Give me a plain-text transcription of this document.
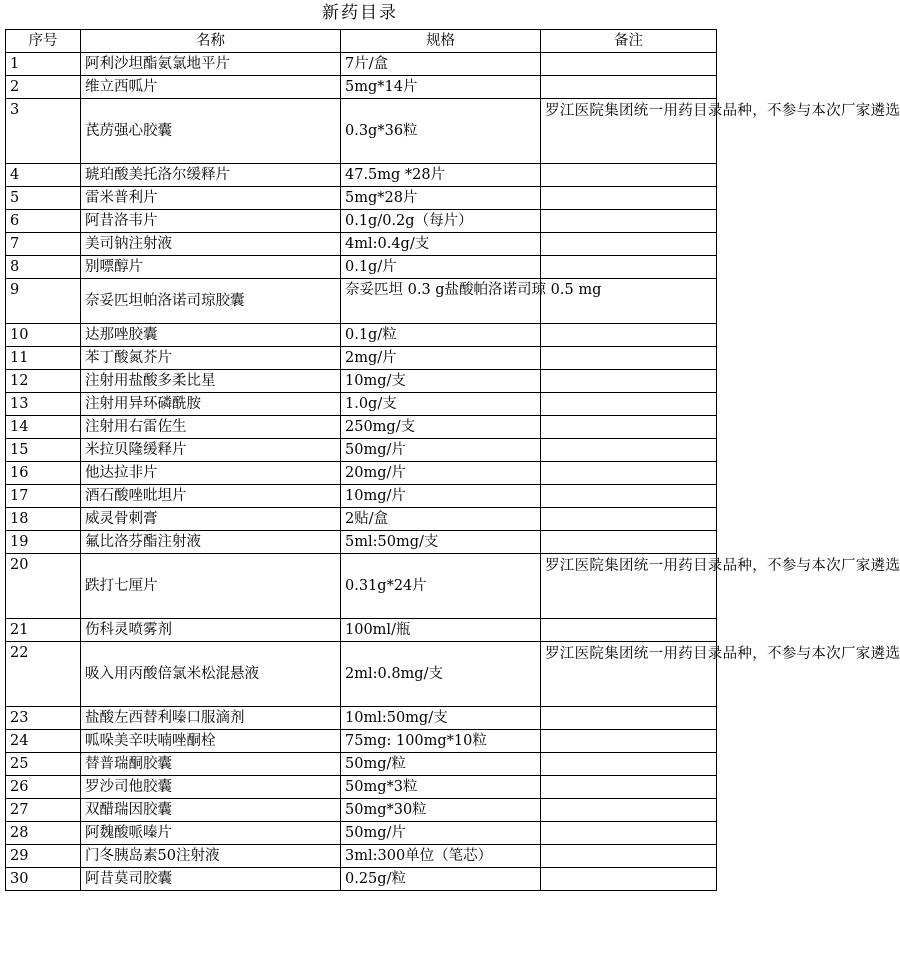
新药目录
序号	名称	规格	备注
1	阿利沙坦酯氨氯地平片	7片/盒	

2	维立西呱片	5mg*14片	

3	芪苈强心胶囊	0.3g*36粒	罗江医院集团统一用药目录品种，不参与本次厂家遴选

4	琥珀酸美托洛尔缓释片	47.5mg *28片	

5	雷米普利片	5mg*28片	

6	阿昔洛韦片	0.1g/0.2g（每片）	

7	美司钠注射液	4ml:0.4g/支	

8	别嘌醇片	0.1g/片	

9	奈妥匹坦帕洛诺司琼胶囊	奈妥匹坦 0.3 g盐酸帕洛诺司琼 0.5 mg	

10	达那唑胶囊	0.1g/粒	

11	苯丁酸氮芥片	2mg/片	

12	注射用盐酸多柔比星	10mg/支	

13	注射用异环磷酰胺	1.0g/支	

14	注射用右雷佐生	250mg/支	

15	米拉贝隆缓释片	50mg/片	

16	他达拉非片	20mg/片	

17	酒石酸唑吡坦片	10mg/片	

18	威灵骨刺膏	2贴/盒	

19	氟比洛芬酯注射液	5ml:50mg/支	

20	跌打七厘片	0.31g*24片	罗江医院集团统一用药目录品种，不参与本次厂家遴选

21	伤科灵喷雾剂	100ml/瓶	

22	吸入用丙酸倍氯米松混悬液	2ml:0.8mg/支	罗江医院集团统一用药目录品种，不参与本次厂家遴选

23	盐酸左西替利嗪口服滴剂	10ml:50mg/支	

24	呱哚美辛呋喃唑酮栓	75mg: 100mg*10粒	

25	替普瑞酮胶囊	50mg/粒	

26	罗沙司他胶囊	50mg*3粒	

27	双醋瑞因胶囊	50mg*30粒	

28	阿魏酸哌嗪片	50mg/片	

29	门冬胰岛素50注射液	3ml:300单位（笔芯）	

30	阿昔莫司胶囊	0.25g/粒	
